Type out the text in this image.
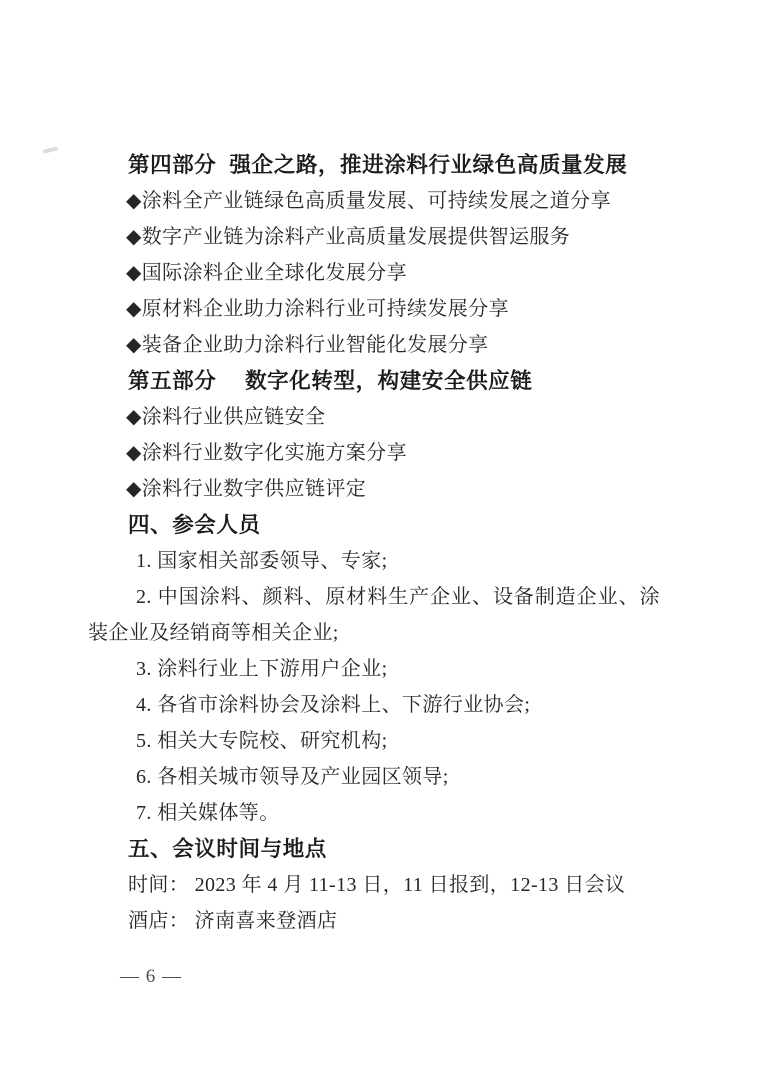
第四部分  强企之路，推进涂料行业绿色高质量发展
◆涂料全产业链绿色高质量发展、可持续发展之道分享
◆数字产业链为涂料产业高质量发展提供智运服务
◆国际涂料企业全球化发展分享
◆原材料企业助力涂料行业可持续发展分享
◆装备企业助力涂料行业智能化发展分享
第五部分　 数字化转型，构建安全供应链
◆涂料行业供应链安全
◆涂料行业数字化实施方案分享
◆涂料行业数字供应链评定
四、参会人员
1. 国家相关部委领导、专家;
2. 中国涂料、颜料、原材料生产企业、设备制造企业、涂
装企业及经销商等相关企业;
3. 涂料行业上下游用户企业;
4. 各省市涂料协会及涂料上、下游行业协会;
5. 相关大专院校、研究机构;
6. 各相关城市领导及产业园区领导;
7. 相关媒体等。
五、会议时间与地点
时间： 2023 年 4 月 11-13 日，11 日报到，12-13 日会议
酒店： 济南喜来登酒店
— 6 —
